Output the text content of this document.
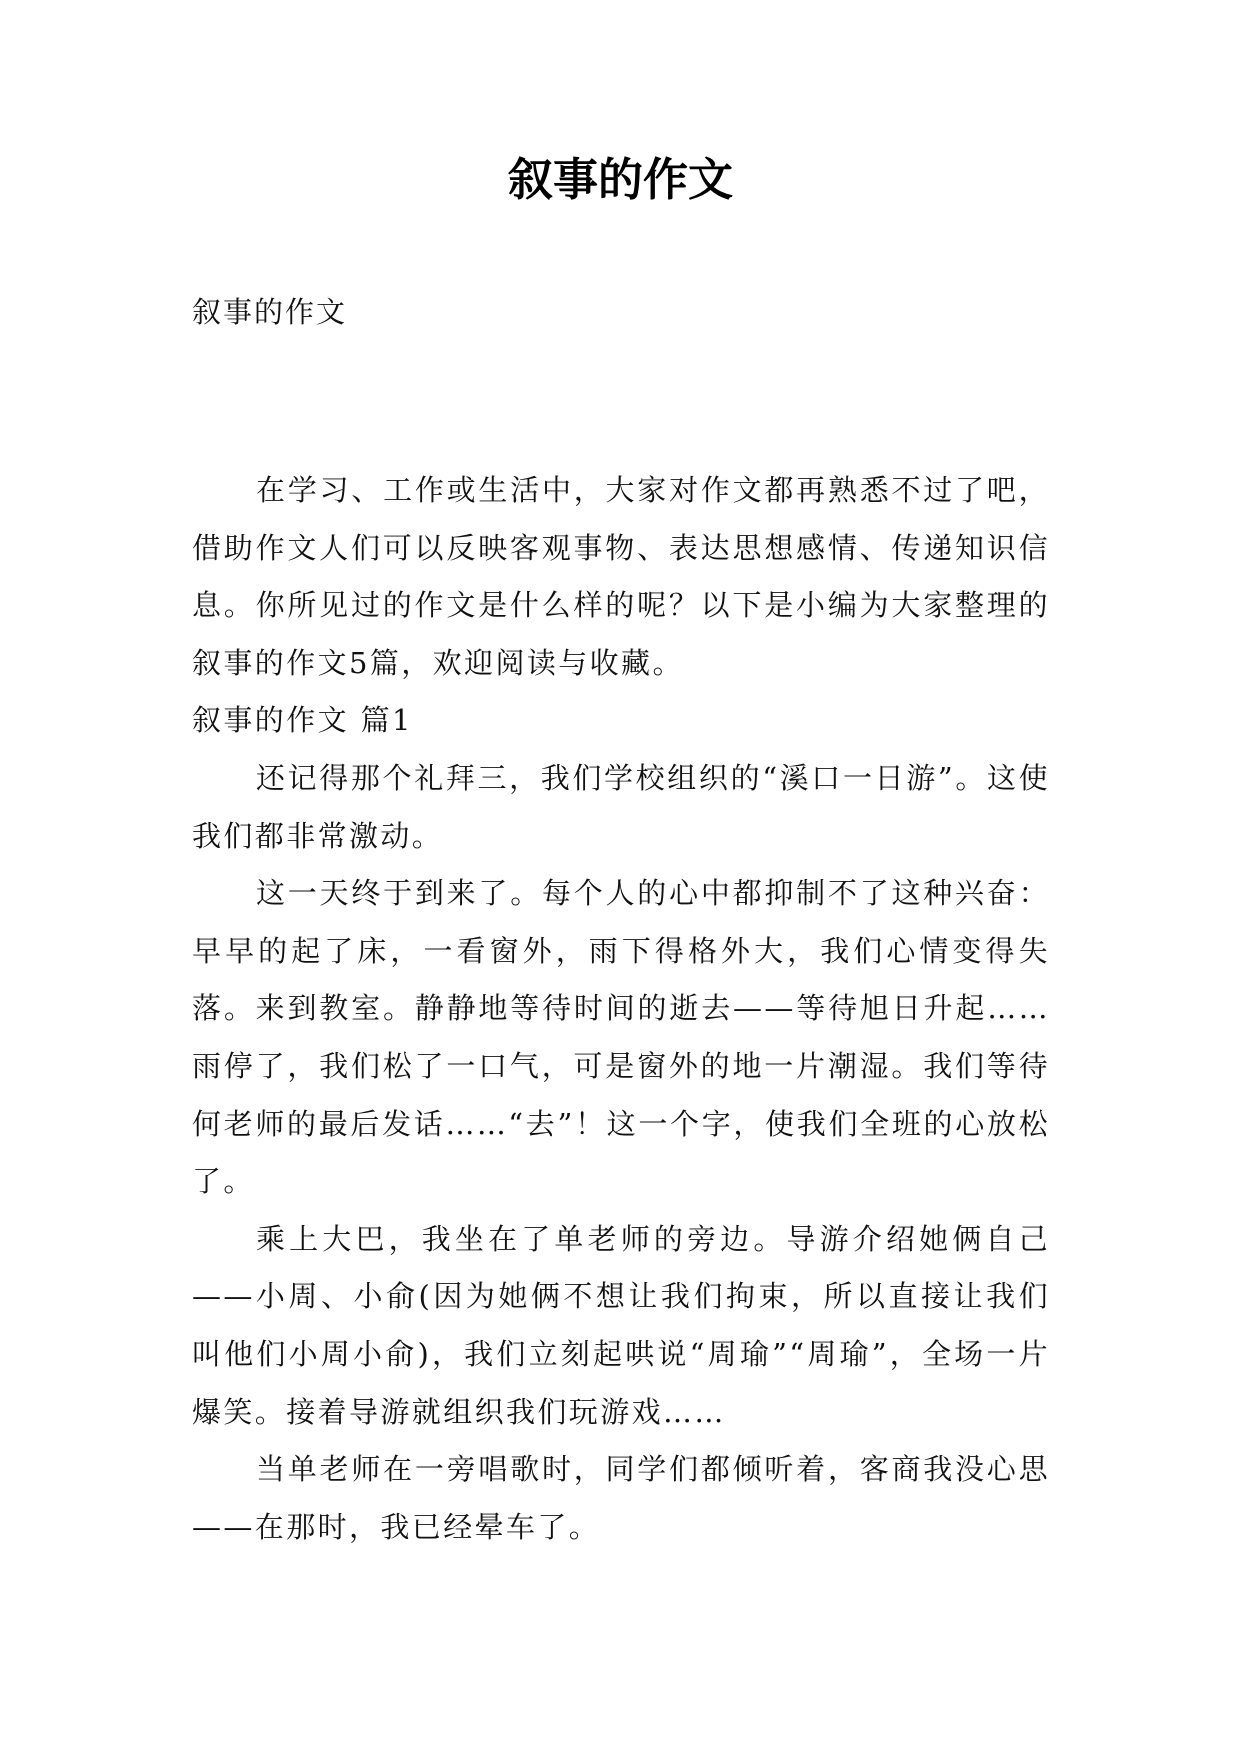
叙事的作文

叙事的作文

在学习、工作或生活中，大家对作文都再熟悉不过了吧，借助作文人们可以反映客观事物、表达思想感情、传递知识信息。你所见过的作文是什么样的呢？以下是小编为大家整理的叙事的作文5篇，欢迎阅读与收藏。

叙事的作文 篇1

还记得那个礼拜三，我们学校组织的“溪口一日游”。这使我们都非常激动。

这一天终于到来了。每个人的心中都抑制不了这种兴奋：早早的起了床，一看窗外，雨下得格外大，我们心情变得失落。来到教室。静静地等待时间的逝去——等待旭日升起……雨停了，我们松了一口气，可是窗外的地一片潮湿。我们等待何老师的最后发话……“去”！这一个字，使我们全班的心放松了。

乘上大巴，我坐在了单老师的旁边。导游介绍她俩自己——小周、小俞(因为她俩不想让我们拘束，所以直接让我们叫他们小周小俞)，我们立刻起哄说“周瑜”“周瑜”，全场一片爆笑。接着导游就组织我们玩游戏……

当单老师在一旁唱歌时，同学们都倾听着，客商我没心思——在那时，我已经晕车了。
